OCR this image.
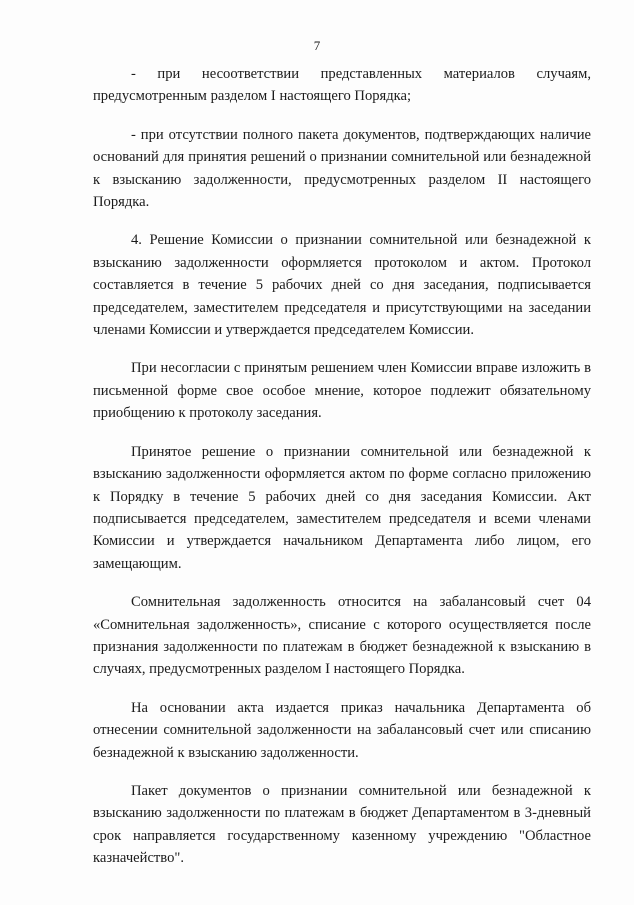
7

- при несоответствии представленных материалов случаям, предусмотренным разделом I настоящего Порядка;

- при отсутствии полного пакета документов, подтверждающих наличие оснований для принятия решений о признании сомнительной или безнадежной к взысканию задолженности, предусмотренных разделом II настоящего Порядка.

4. Решение Комиссии о признании сомнительной или безнадежной к взысканию задолженности оформляется протоколом и актом. Протокол составляется в течение 5 рабочих дней со дня заседания, подписывается председателем, заместителем председателя и присутствующими на заседании членами Комиссии и утверждается председателем Комиссии.

При несогласии с принятым решением член Комиссии вправе изложить в письменной форме свое особое мнение, которое подлежит обязательному приобщению к протоколу заседания.

Принятое решение о признании сомнительной или безнадежной к взысканию задолженности оформляется актом по форме согласно приложению к Порядку в течение 5 рабочих дней со дня заседания Комиссии. Акт подписывается председателем, заместителем председателя и всеми членами Комиссии и утверждается начальником Департамента либо лицом, его замещающим.

Сомнительная задолженность относится на забалансовый счет 04 «Сомнительная задолженность», списание с которого осуществляется после признания задолженности по платежам в бюджет безнадежной к взысканию в случаях, предусмотренных разделом I настоящего Порядка.

На основании акта издается приказ начальника Департамента об отнесении сомнительной задолженности на забалансовый счет или списанию безнадежной к взысканию задолженности.

Пакет документов о признании сомнительной или безнадежной к взысканию задолженности по платежам в бюджет Департаментом в 3-дневный срок направляется государственному казенному учреждению "Областное казначейство".
